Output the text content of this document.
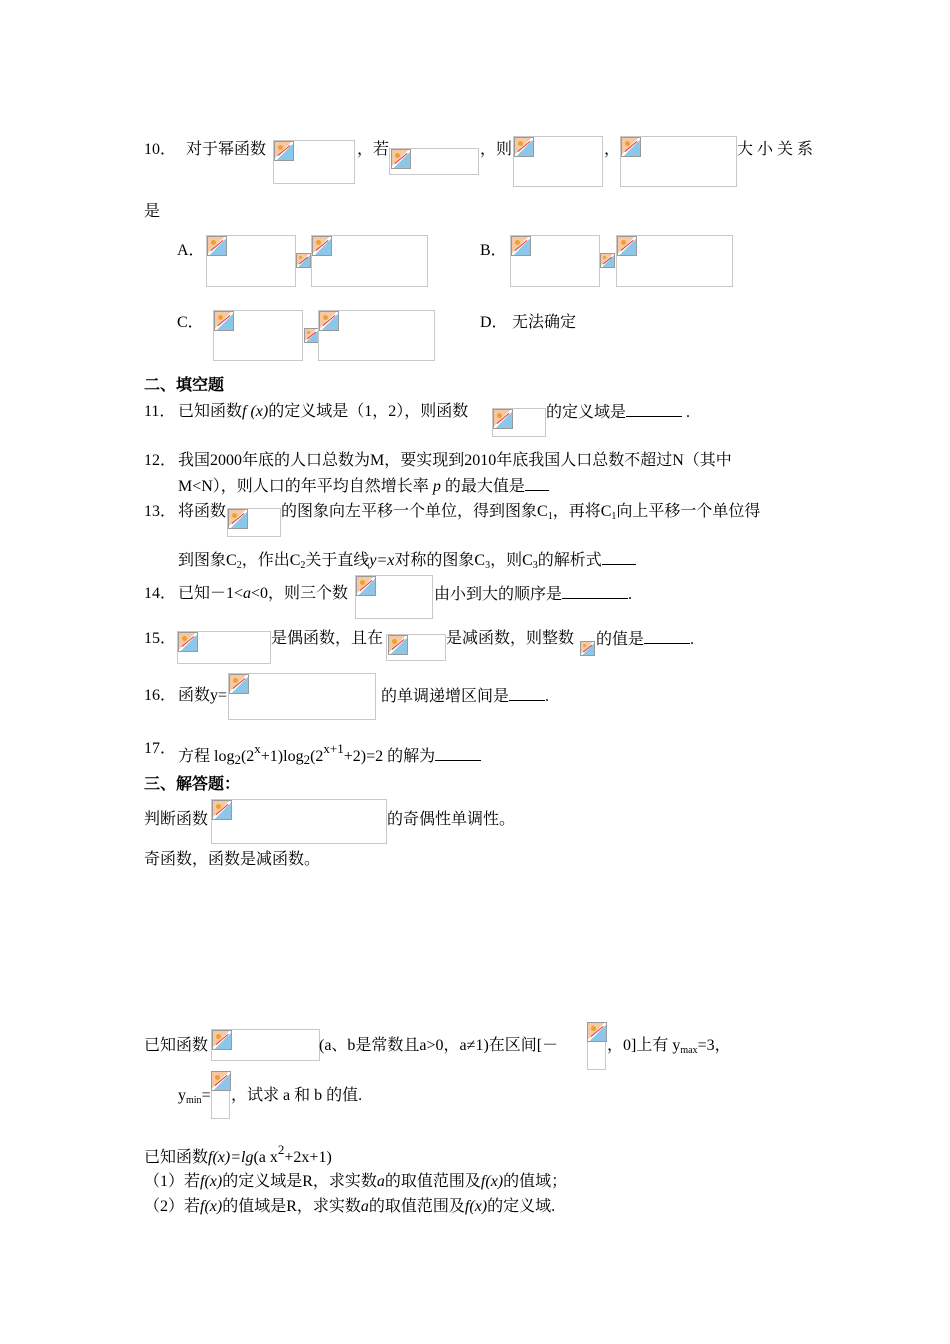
10． 对于幂函数	，若	，则	，	大小关系
是
A．	B．
C．	D． 无法确定
二、填空题
11． 已知函数f (x)的定义域是（1，2），则函数	的定义域是	.
12． 我国2000年底的人口总数为M，要实现到2010年底我国人口总数不超过N（其中
M<N），则人口的年平均自然增长率 p 的最大值是
13． 将函数	的图象向左平移一个单位，得到图象$C_1$，再将$C_1$向上平移一个单位得
到图象$C_2$，作出$C_2$关于直线y=x对称的图象$C_3$，则$C_3$的解析式
14． 已知－1<a<0，则三个数	由小到大的顺序是	.
15．	是偶函数，且在	是减函数，则整数 的值是	.
16． 函数y=	的单调递增区间是 .
17． 方程 $\log_2(2^x+1)\log_2(2^{x+1}+2)=2$ 的解为
三、解答题：
判断函数	的奇偶性单调性。
奇函数，函数是减函数。
已知函数	(a、b是常数且a>0，a≠1)在区间[－	，0]上有 $y_{max}=3$，
$y_{min}=$ ，试求 a 和 b 的值.
已知函数f(x)=lg(a $x^2+2x+1$)
（1）若f(x)的定义域是R，求实数a的取值范围及f(x)的值域；
（2）若f(x)的值域是R，求实数a的取值范围及f(x)的定义域.
